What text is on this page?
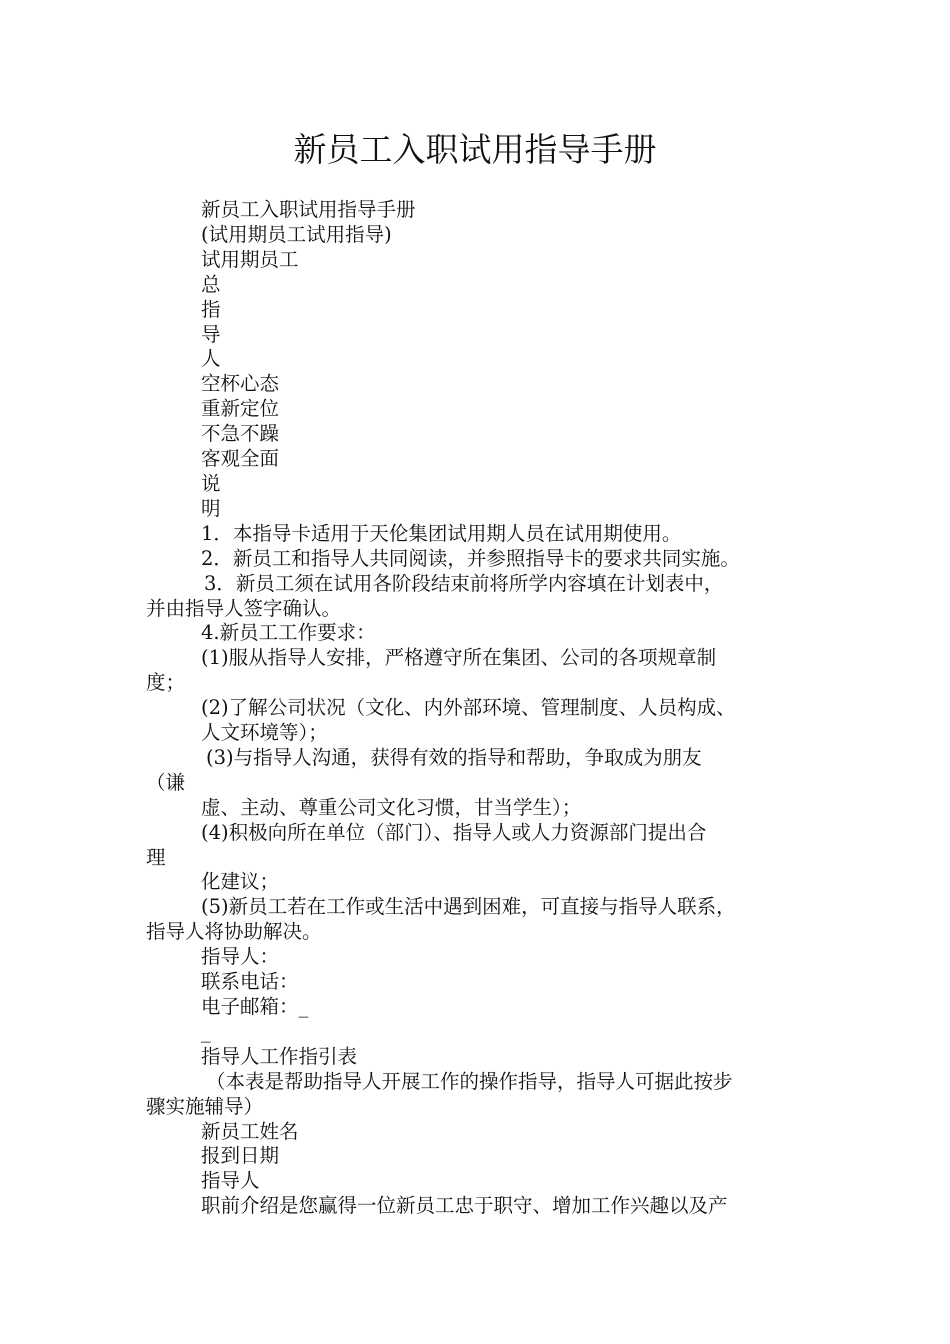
新员工入职试用指导手册
新员工入职试用指导手册
(试用期员工试用指导)
试用期员工
总
指
导
人
空杯心态
重新定位
不急不躁
客观全面
说
明
1．本指导卡适用于天伦集团试用期人员在试用期使用。
2．新员工和指导人共同阅读，并参照指导卡的要求共同实施。
3．新员工须在试用各阶段结束前将所学内容填在计划表中，
并由指导人签字确认。
4.新员工工作要求：
(1)服从指导人安排，严格遵守所在集团、公司的各项规章制
度；
(2)了解公司状况（文化、内外部环境、管理制度、人员构成、
人文环境等）；
(3)与指导人沟通，获得有效的指导和帮助，争取成为朋友
（谦
虚、主动、尊重公司文化习惯，甘当学生）；
(4)积极向所在单位（部门）、指导人或人力资源部门提出合
理
化建议；
(5)新员工若在工作或生活中遇到困难，可直接与指导人联系，
指导人将协助解决。
指导人：
联系电话：
电子邮箱：_
_
指导人工作指引表
（本表是帮助指导人开展工作的操作指导，指导人可据此按步
骤实施辅导）
新员工姓名
报到日期
指导人
职前介绍是您赢得一位新员工忠于职守、增加工作兴趣以及产
